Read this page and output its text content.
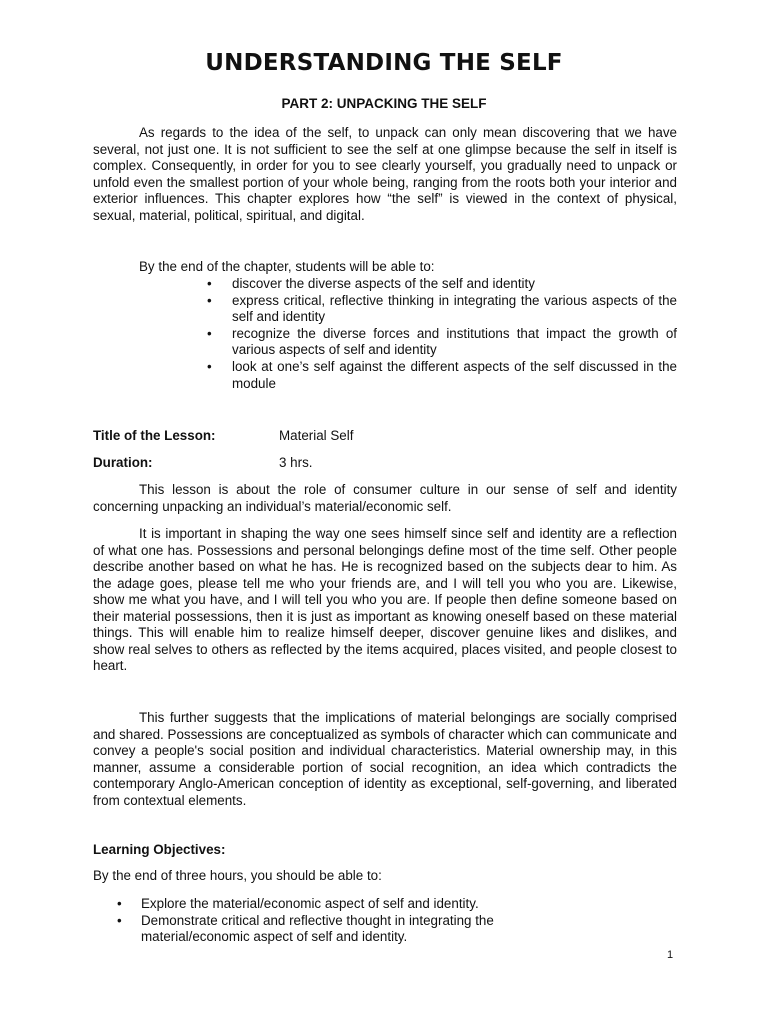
UNDERSTANDING THE SELF
PART 2: UNPACKING THE SELF

As regards to the idea of the self, to unpack can only mean discovering that we have several, not just one. It is not sufficient to see the self at one glimpse because the self in itself is complex. Consequently, in order for you to see clearly yourself, you gradually need to unpack or unfold even the smallest portion of your whole being, ranging from the roots both your interior and exterior influences. This chapter explores how “the self” is viewed in the context of physical, sexual, material, political, spiritual, and digital.

By the end of the chapter, students will be able to:

• discover the diverse aspects of the self and identity
• express critical, reflective thinking in integrating the various aspects of the self and identity
• recognize the diverse forces and institutions that impact the growth of various aspects of self and identity
• look at one’s self against the different aspects of the self discussed in the module
Title of the Lesson:	Material Self
Duration:	3 hrs.

This lesson is about the role of consumer culture in our sense of self and identity concerning unpacking an individual’s material/economic self.

It is important in shaping the way one sees himself since self and identity are a reflection of what one has. Possessions and personal belongings define most of the time self. Other people describe another based on what he has. He is recognized based on the subjects dear to him. As the adage goes, please tell me who your friends are, and I will tell you who you are. Likewise, show me what you have, and I will tell you who you are. If people then define someone based on their material possessions, then it is just as important as knowing oneself based on these material things. This will enable him to realize himself deeper, discover genuine likes and dislikes, and show real selves to others as reflected by the items acquired, places visited, and people closest to heart.

This further suggests that the implications of material belongings are socially comprised and shared. Possessions are conceptualized as symbols of character which can communicate and convey a people's social position and individual characteristics. Material ownership may, in this manner, assume a considerable portion of social recognition, an idea which contradicts the contemporary Anglo-American conception of identity as exceptional, self-governing, and liberated from contextual elements.

Learning Objectives:

By the end of three hours, you should be able to:

• Explore the material/economic aspect of self and identity.
• Demonstrate critical and reflective thought in integrating the material/economic aspect of self and identity.
1
